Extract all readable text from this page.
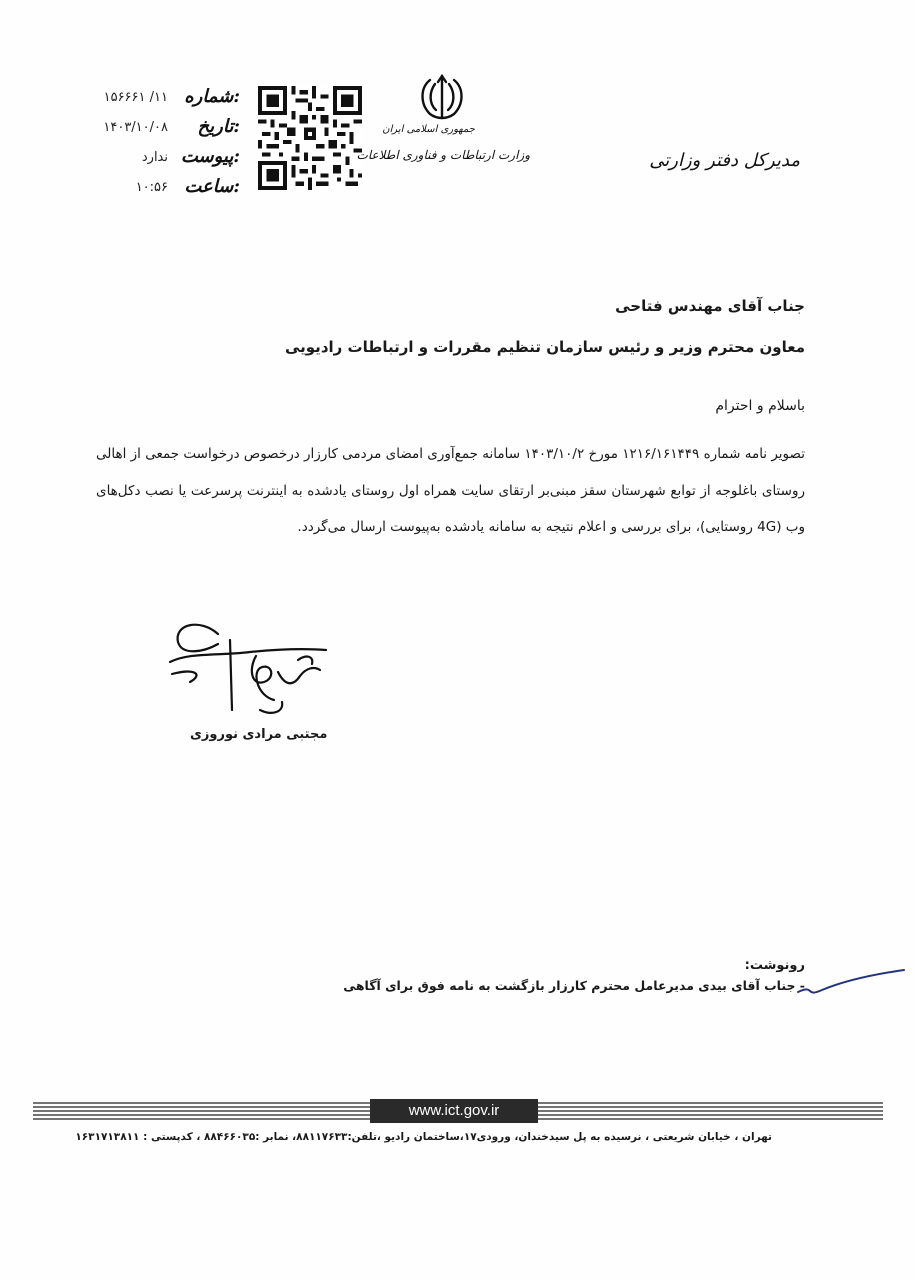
شماره:
۱۱/ ۱۵۶۶۶۱
تاریخ:
۱۴۰۳/۱۰/۰۸
پیوست:
ندارد
ساعت:
۱۰:۵۶
جمهوری اسلامی ایران
وزارت ارتباطات و فناوری اطلاعات	مدیرکل دفتر وزارتی
جناب آقای مهندس فتاحی
معاون محترم وزیر و رئیس سازمان تنظیم مقررات و ارتباطات رادیویی
باسلام و احترام
تصویر نامه شماره ۱۲۱۶/۱۶۱۴۴۹ مورخ ۱۴۰۳/۱۰/۲ سامانه جمع‌آوری امضای مردمی کارزار درخصوص درخواست جمعی از اهالی روستای باغلوجه از توابع شهرستان سقز مبنی‌بر ارتقای سایت همراه اول روستای یادشده به اینترنت پرسرعت یا نصب دکل‌های وب (4G روستایی)، برای بررسی و اعلام نتیجه به سامانه یادشده به‌پیوست ارسال می‌گردد.
مجتبی مرادی نوروزی
رونوشت:
- جناب آقای بیدی مدیرعامل محترم کارزار بازگشت به نامه فوق برای آگاهی
www.ict.gov.ir
تهران ، خیابان شریعتی ، نرسیده به پل سیدخندان، ورودی۱۷،ساختمان رادیو ،تلفن:۸۸۱۱۷۶۳۳، نمابر :۸۸۴۶۶۰۳۵ ، کدپستی : ۱۶۳۱۷۱۳۸۱۱
